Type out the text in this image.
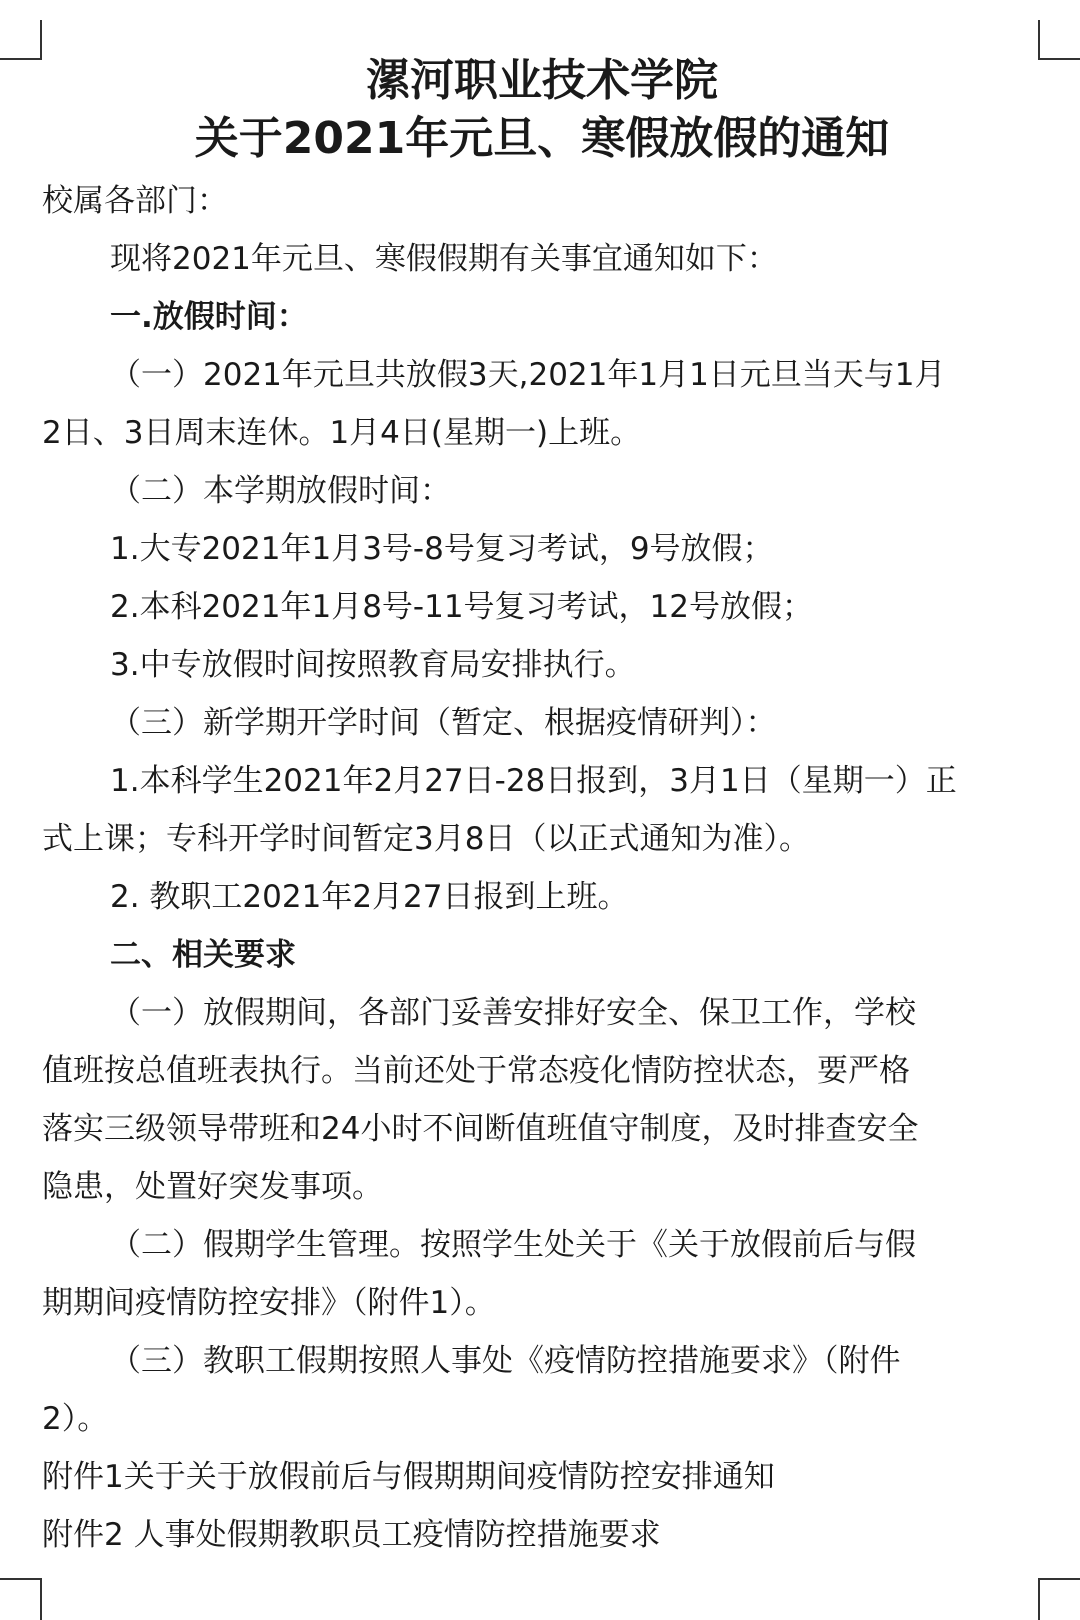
漯河职业技术学院
关于2021年元旦、寒假放假的通知

校属各部门：

现将2021年元旦、寒假假期有关事宜通知如下：

一.放假时间：

（一）2021年元旦共放假3天,2021年1月1日元旦当天与1月

2日、3日周末连休。1月4日(星期一)上班。

（二）本学期放假时间：

1.大专2021年1月3号-8号复习考试，9号放假；

2.本科2021年1月8号-11号复习考试，12号放假；

3.中专放假时间按照教育局安排执行。

（三）新学期开学时间（暂定、根据疫情研判）：

1.本科学生2021年2月27日-28日报到，3月1日（星期一）正

式上课；专科开学时间暂定3月8日（以正式通知为准）。

2. 教职工2021年2月27日报到上班。

二、相关要求

（一）放假期间，各部门妥善安排好安全、保卫工作，学校

值班按总值班表执行。当前还处于常态疫化情防控状态，要严格

落实三级领导带班和24小时不间断值班值守制度，及时排查安全

隐患，处置好突发事项。

（二）假期学生管理。按照学生处关于《关于放假前后与假

期期间疫情防控安排》（附件1）。

（三）教职工假期按照人事处《疫情防控措施要求》（附件

2）。

附件1关于关于放假前后与假期期间疫情防控安排通知

附件2 人事处假期教职员工疫情防控措施要求
